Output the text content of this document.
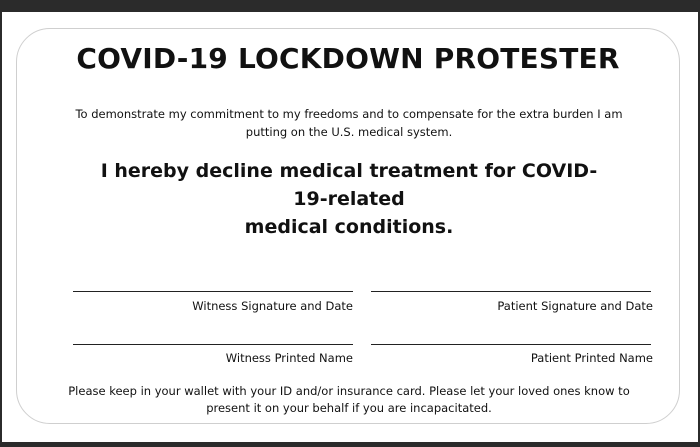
COVID-19 LOCKDOWN PROTESTER
To demonstrate my commitment to my freedoms and to compensate for the extra burden I am
putting on the U.S. medical system.
I hereby decline medical treatment for COVID-19-related
medical conditions.
Witness Signature and Date	Patient Signature and Date
Witness Printed Name	Patient Printed Name
Please keep in your wallet with your ID and/or insurance card. Please let your loved ones know to
present it on your behalf if you are incapacitated.
